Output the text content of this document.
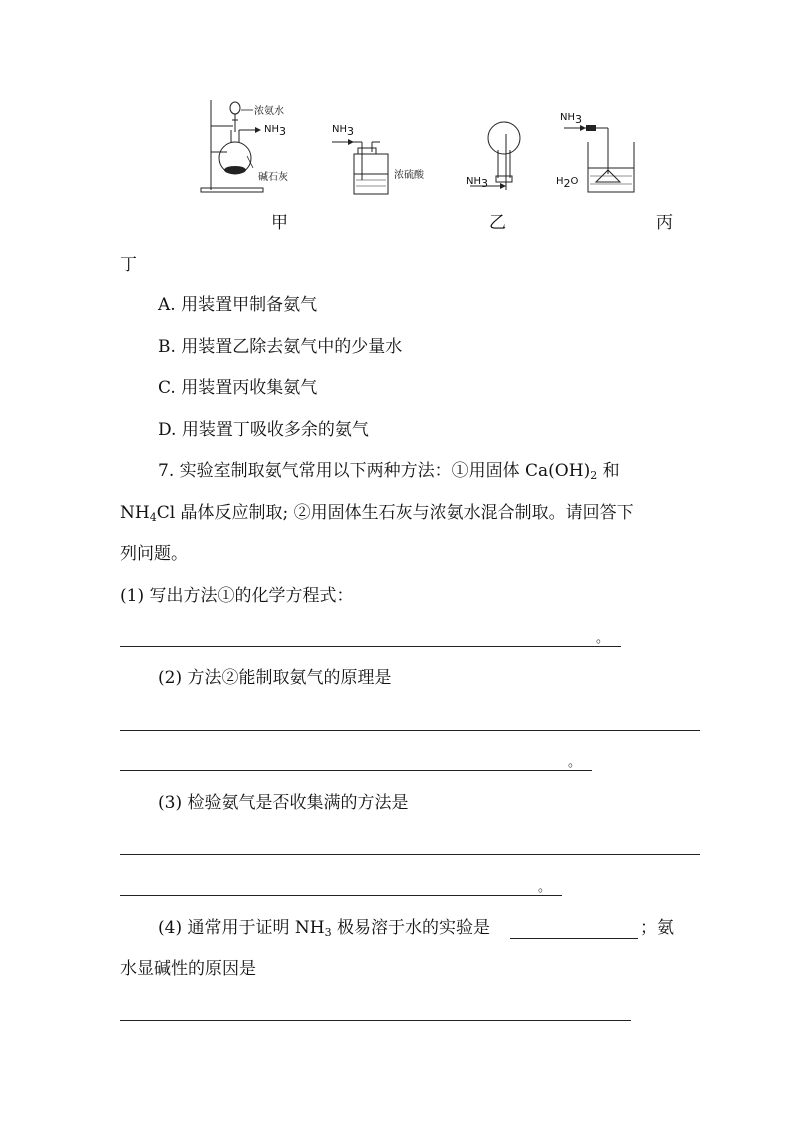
浓氨水
$NH_3$
碱石灰
$NH_3$
浓硫酸
$NH_3$
$NH_3$
$H_2O$
甲	乙	丙
丁
A. 用装置甲制备氨气
B. 用装置乙除去氨气中的少量水
C. 用装置丙收集氨气
D. 用装置丁吸收多余的氨气
7. 实验室制取氨气常用以下两种方法：①用固体 $Ca(OH)_2$ 和
$NH_4Cl$ 晶体反应制取; ②用固体生石灰与浓氨水混合制取。请回答下
列问题。
(1) 写出方法①的化学方程式：
。
(2) 方法②能制取氨气的原理是
。
(3) 检验氨气是否收集满的方法是
。
(4) 通常用于证明 $NH_3$ 极易溶于水的实验是	；氨
水显碱性的原因是
